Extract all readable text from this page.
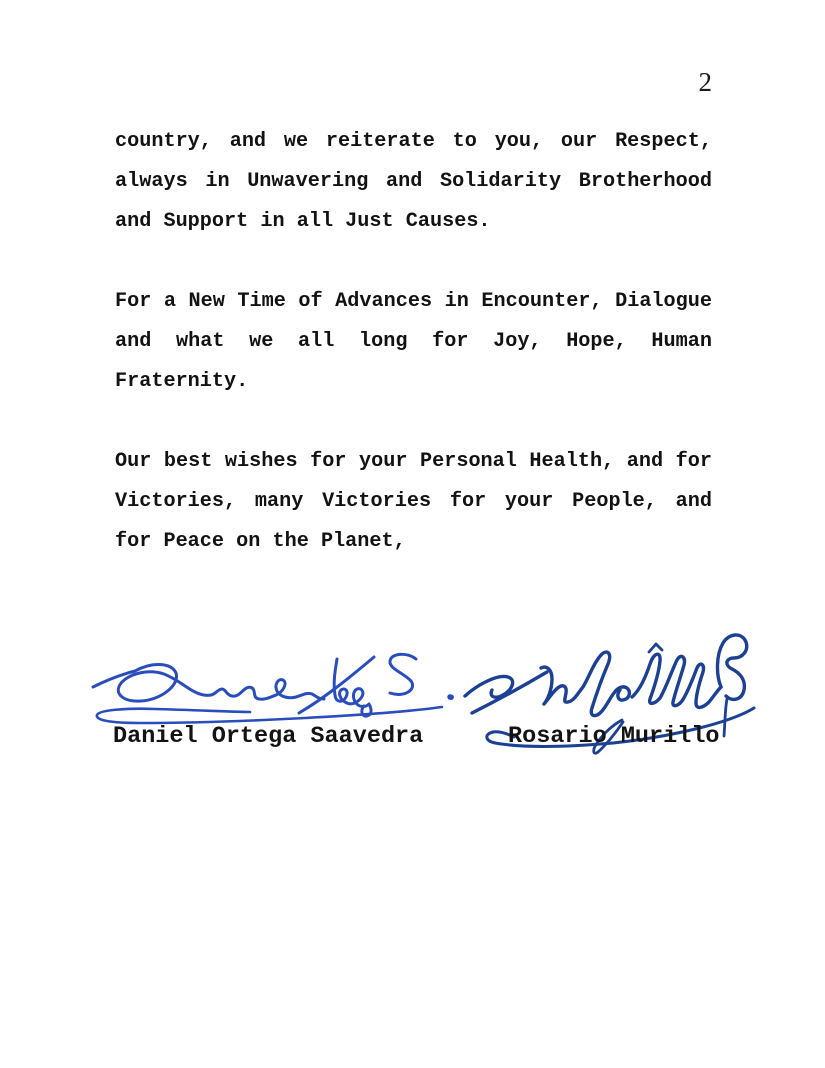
2

country, and we reiterate to you, our Respect,
always in Unwavering and Solidarity Brotherhood
and Support in all Just Causes.

For a New Time of Advances in Encounter, Dialogue
and what we all long for Joy, Hope, Human
Fraternity.

Our best wishes for your Personal Health, and for
Victories, many Victories for your People, and
for Peace on the Planet,

Daniel Ortega Saavedra	Rosario Murillo
